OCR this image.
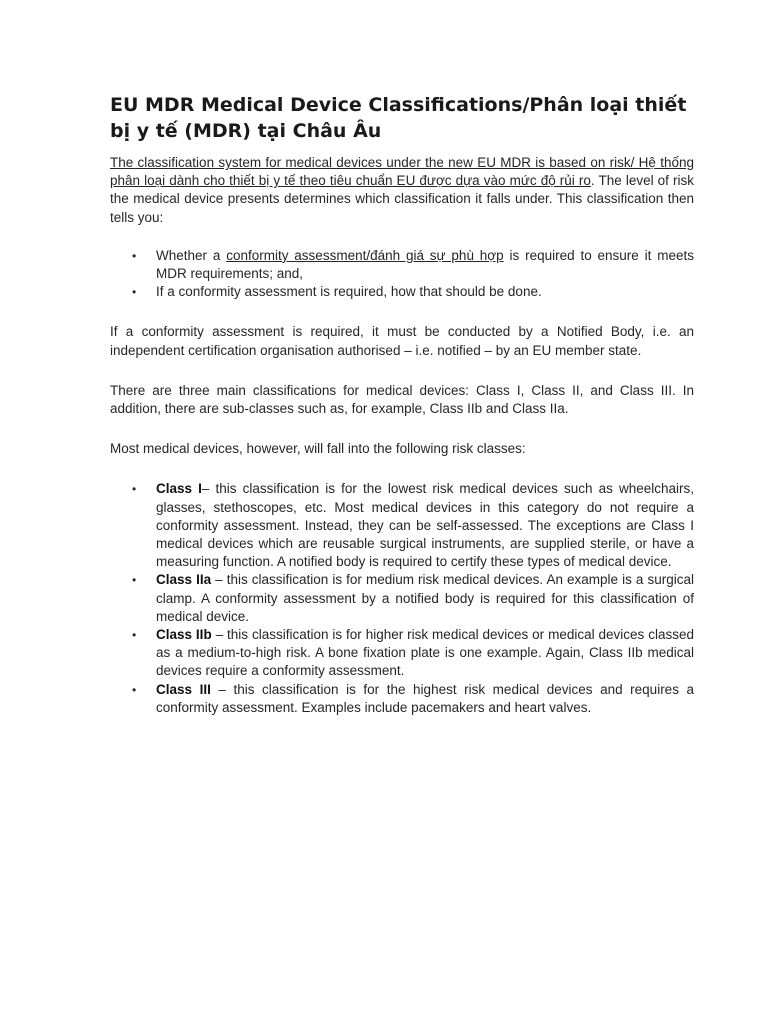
EU MDR Medical Device Classifications/Phân loại thiết bị y tế (MDR) tại Châu Âu

The classification system for medical devices under the new EU MDR is based on risk/ Hệ thống phân loại dành cho thiết bị y tế theo tiêu chuẩn EU được dựa vào mức độ rủi ro. The level of risk the medical device presents determines which classification it falls under. This classification then tells you:

• Whether a conformity assessment/đánh giá sự phù hợp is required to ensure it meets MDR requirements; and,
• If a conformity assessment is required, how that should be done.

If a conformity assessment is required, it must be conducted by a Notified Body, i.e. an independent certification organisation authorised – i.e. notified – by an EU member state.

There are three main classifications for medical devices: Class I, Class II, and Class III. In addition, there are sub-classes such as, for example, Class IIb and Class IIa.

Most medical devices, however, will fall into the following risk classes:

• Class I– this classification is for the lowest risk medical devices such as wheelchairs, glasses, stethoscopes, etc. Most medical devices in this category do not require a conformity assessment. Instead, they can be self-assessed. The exceptions are Class I medical devices which are reusable surgical instruments, are supplied sterile, or have a measuring function. A notified body is required to certify these types of medical device.
• Class IIa – this classification is for medium risk medical devices. An example is a surgical clamp. A conformity assessment by a notified body is required for this classification of medical device.
• Class IIb – this classification is for higher risk medical devices or medical devices classed as a medium-to-high risk. A bone fixation plate is one example. Again, Class IIb medical devices require a conformity assessment.
• Class III – this classification is for the highest risk medical devices and requires a conformity assessment. Examples include pacemakers and heart valves.
